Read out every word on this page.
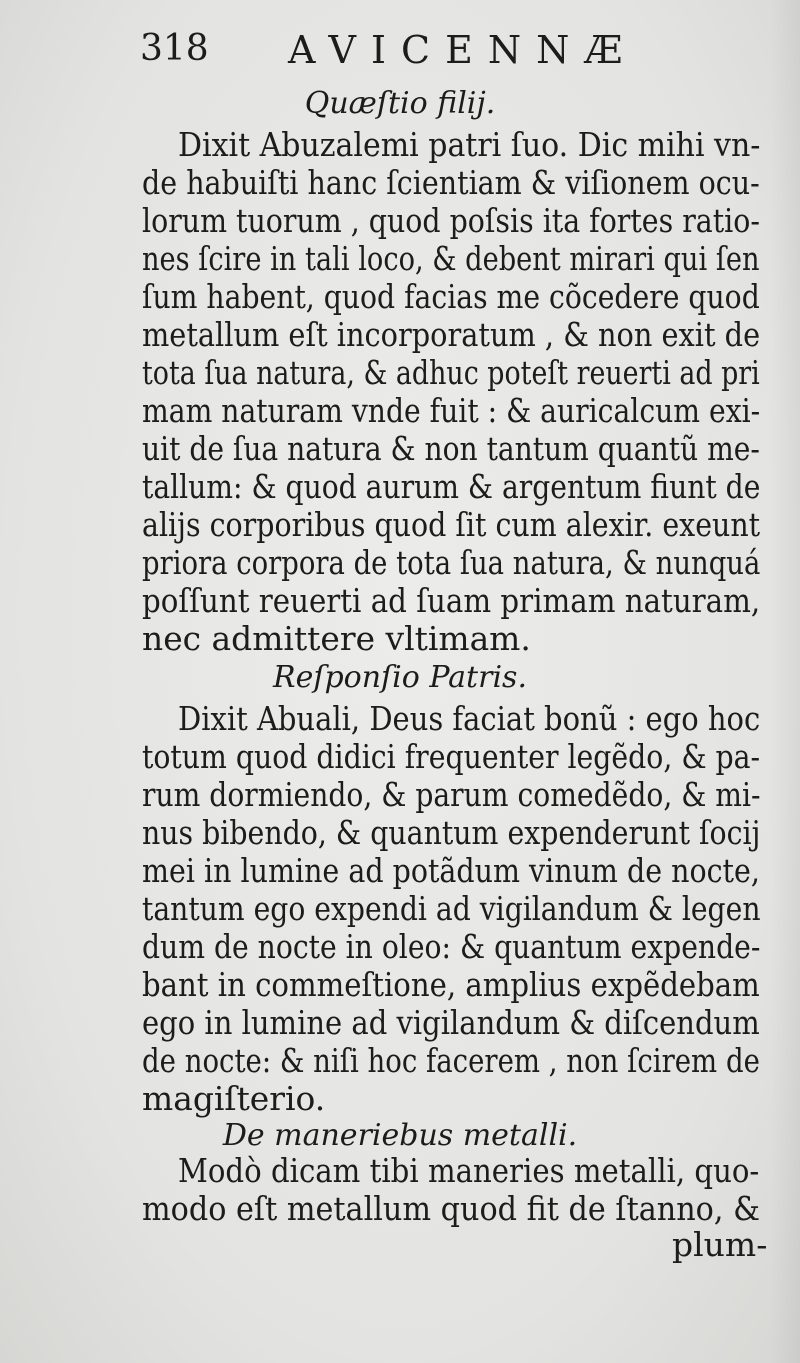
318 AVICENNÆ
Quæſtio filij.
Dixit Abuzalemi patri ſuo. Dic mihi vn-
de habuiſti hanc ſcientiam & viſionem ocu-
lorum tuorum , quod poſsis ita fortes ratio-
nes ſcire in tali loco, & debent mirari qui ſen
ſum habent, quod facias me cõcedere quod
metallum eſt incorporatum , & non exit de
tota ſua natura, & adhuc poteſt reuerti ad pri
mam naturam vnde fuit : & auricalcum exi-
uit de ſua natura & non tantum quantũ me-
tallum: & quod aurum & argentum fiunt de
alijs corporibus quod ſit cum alexir. exeunt
priora corpora de tota ſua natura, & nunquá
poſſunt reuerti ad ſuam primam naturam,
nec admittere vltimam.
Reſponſio Patris.
Dixit Abuali, Deus faciat bonũ : ego hoc
totum quod didici frequenter legẽdo, & pa-
rum dormiendo, & parum comedẽdo, & mi-
nus bibendo, & quantum expenderunt ſocij
mei in lumine ad potãdum vinum de nocte,
tantum ego expendi ad vigilandum & legen
dum de nocte in oleo: & quantum expende-
bant in commeſtione, amplius expẽdebam
ego in lumine ad vigilandum & diſcendum
de nocte: & niſi hoc facerem , non ſcirem de
magiſterio.
De maneriebus metalli.
Modò dicam tibi maneries metalli, quo-
modo eſt metallum quod fit de ſtanno, &
plum-
